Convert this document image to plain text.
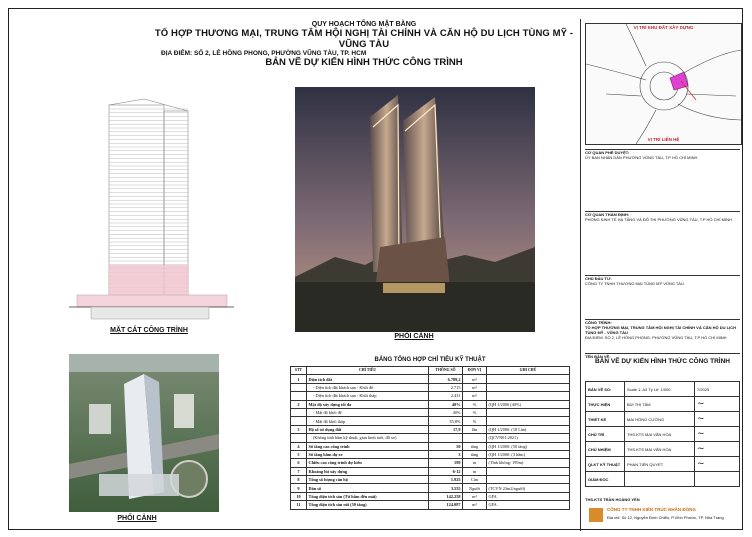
QUY HOẠCH TỔNG MẶT BẰNG
TỔ HỢP THƯƠNG MẠI, TRUNG TÂM HỘI NGHỊ TÀI CHÍNH VÀ CĂN HỘ DU LỊCH TÙNG MỸ - VŨNG TÀU
ĐỊA ĐIỂM: SỐ 2, LÊ HỒNG PHONG, PHƯỜNG VŨNG TÀU, TP. HCM
BẢN VẼ DỰ KIẾN HÌNH THỨC CÔNG TRÌNH
MẶT CẮT CÔNG TRÌNH
PHỐI CẢNH
PHỐI CẢNH
BẢNG TỔNG HỢP CHỈ TIÊU KỸ THUẬT
STT	CHỈ TIÊU	THÔNG SỐ	ĐƠN VỊ	GHI CHÚ
1	Diện tích đất	6.789,2	m²	
	- Diện tích đất khách sạn - Khối đế	2.715	m²	
	- Diện tích đất khách sạn - Khối tháp	2.431	m²	
2	Mật độ xây dựng tối đa	40%	%	(QH 1/2000 (40%)
	- Mật độ khối đế	40%	%	
	- Mật độ khối tháp	35,8%	%	
3	Hệ số sử dụng đất	17,9	lần	(QH 1/2000: (18 Lần)
	(Không tính hầm kỹ thuật, gian kinh tuồi, đỗ xe)			(QCVN01:2021)
4	Số tầng cao công trình	50	tầng	(QH 1/2000: (50 tầng)
5	Số tầng hầm dự xe	3	tầng	(QH 1/2000: (3 hầm)
6	Chiều cao công trình dự kiến	199	m	(Tĩnh không: 199m)
7	Khoảng lùi xây dựng	6-12	m	
8	Tổng số lượng căn hộ	1.925	Căn	
9	Dân số	3.555	Người	(TCVN 23m2/người)
10	Tổng diện tích sàn (Từ hầm đến mái)	142.258	m²	GFA
11	Tổng diện tích sàn nổi (50 tầng)	124.087	m²	GFA
VỊ TRÍ KHU ĐẤT XÂY DỰNG
VỊ TRÍ LIÊN HỆ
CƠ QUAN PHÊ DUYỆT:
ỦY BAN NHÂN DÂN PHƯỜNG VŨNG TÀU, T.P HỒ CHÍ MINH
CƠ QUAN THẨM ĐỊNH:
PHÒNG KINH TẾ HẠ TẦNG VÀ ĐÔ THỊ PHƯỜNG VŨNG TÀU, T.P HỒ CHÍ MINH
CHỦ ĐẦU TƯ:
CÔNG TY TNHH THƯƠNG MẠI TÙNG MỸ VŨNG TÀU
CÔNG TRÌNH:
TỔ HỢP THƯƠNG MẠI, TRUNG TÂM HỘI NGHỊ TÀI CHÍNH VÀ CĂN HỘ DU LỊCH TÙNG MỸ - VŨNG TÀU
ĐỊA ĐIỂM: SỐ 2, LÊ HỒNG PHONG, PHƯỜNG VŨNG TÀU, T.P HỒ CHÍ MINH
TÊN BẢN VẼ:
BẢN VẼ DỰ KIẾN HÌNH THỨC CÔNG TRÌNH
BẢN VẼ SỐ:	Scale 1: A3 Tỷ Lệ: 1/000	7/2025
THỰC HIỆN	BÙI THỊ TÂM	~
THIẾT KẾ	MAI HỒNG CƯỜNG	~
CHỦ TRÌ	THS.KTS MAI VĂN HÒA	~
CHỦ NHIỆM	THS.KTS MAI VĂN HÒA	~
QLKT KỸ THUẬT	PHAN TIẾN QUYẾT	~
GIÁM ĐỐC		
THS.KTS TRẦN HOÀNG YẾN
CÔNG TY TNHH KIẾN TRÚC NHÂN ĐỒNG
Địa chỉ: Số 12, Nguyễn Đình Chiểu, P.Vĩnh Phước, TP. Nha Trang
